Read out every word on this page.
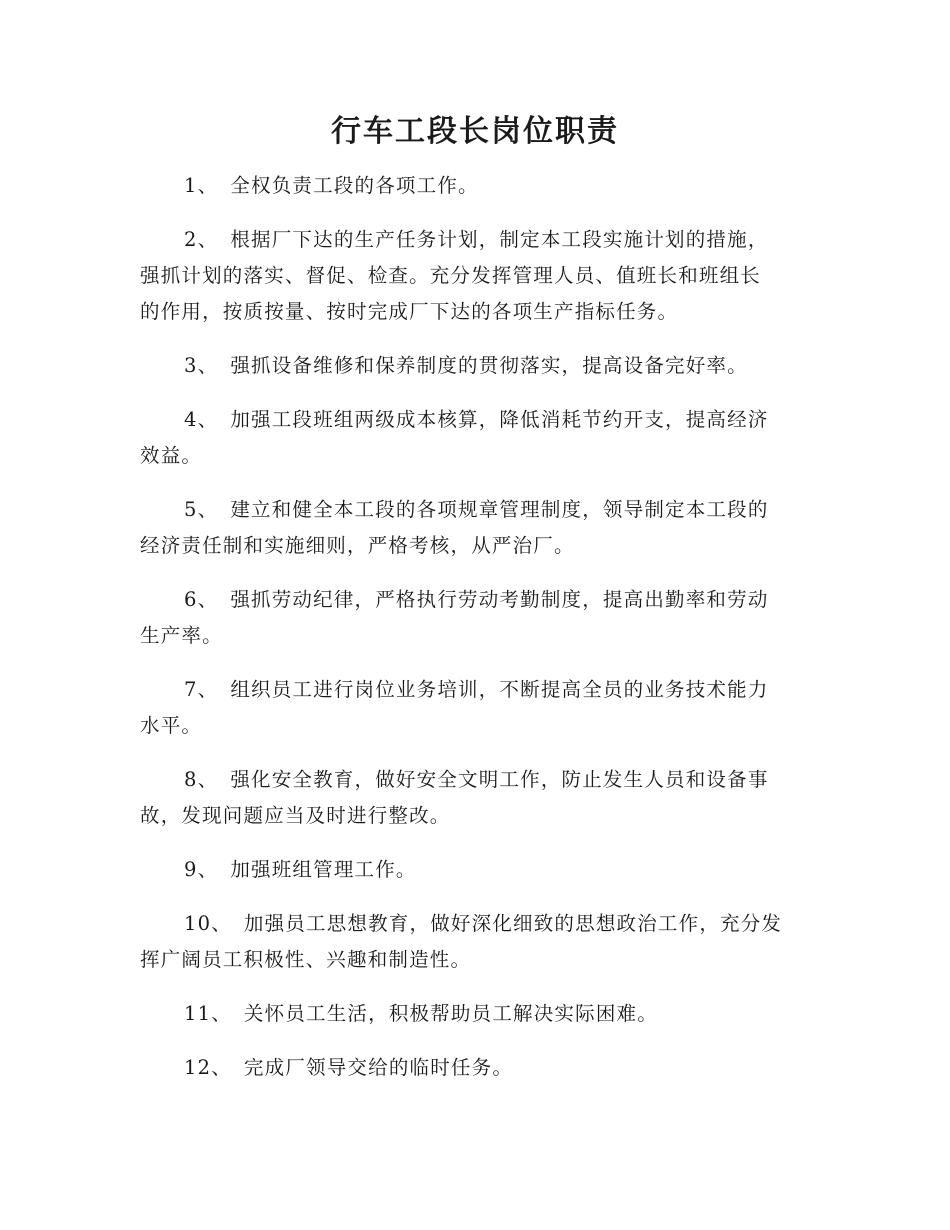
行车工段长岗位职责
1、 全权负责工段的各项工作。
2、 根据厂下达的生产任务计划，制定本工段实施计划的措施，
强抓计划的落实、督促、检查。充分发挥管理人员、值班长和班组长
的作用，按质按量、按时完成厂下达的各项生产指标任务。
3、 强抓设备维修和保养制度的贯彻落实，提高设备完好率。
4、 加强工段班组两级成本核算，降低消耗节约开支，提高经济
效益。
5、 建立和健全本工段的各项规章管理制度，领导制定本工段的
经济责任制和实施细则，严格考核，从严治厂。
6、 强抓劳动纪律，严格执行劳动考勤制度，提高出勤率和劳动
生产率。
7、 组织员工进行岗位业务培训，不断提高全员的业务技术能力
水平。
8、 强化安全教育，做好安全文明工作，防止发生人员和设备事
故，发现问题应当及时进行整改。
9、 加强班组管理工作。
10、 加强员工思想教育，做好深化细致的思想政治工作，充分发
挥广阔员工积极性、兴趣和制造性。
11、 关怀员工生活，积极帮助员工解决实际困难。
12、 完成厂领导交给的临时任务。
